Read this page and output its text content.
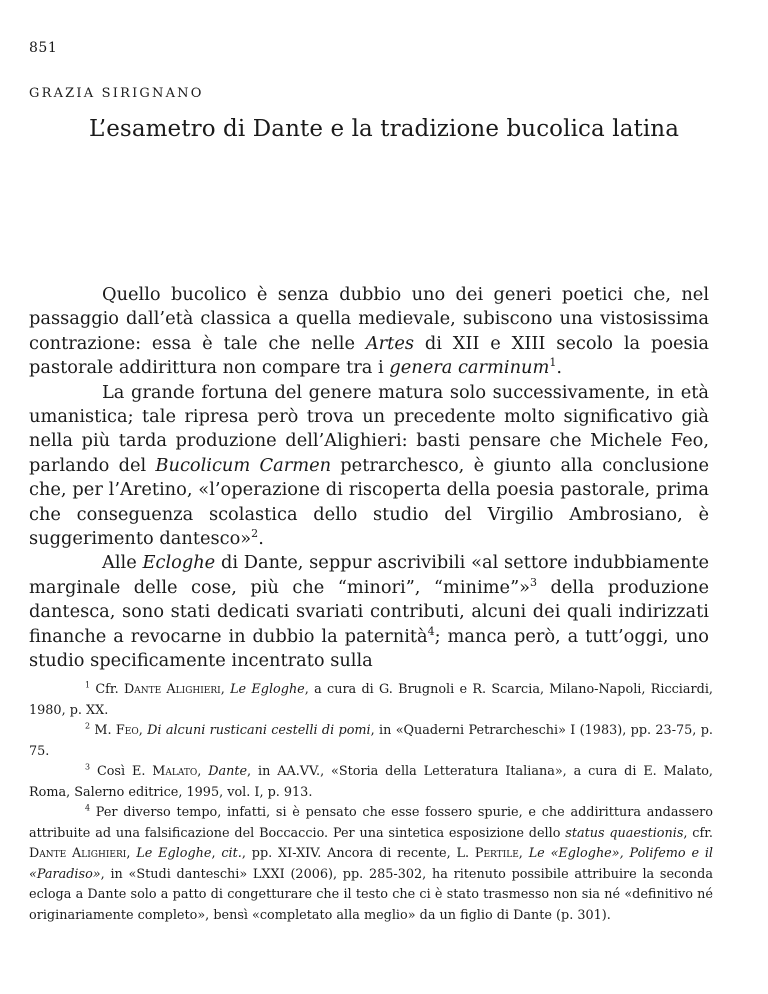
851
GRAZIA SIRIGNANO
L’esametro di Dante e la tradizione bucolica latina

Quello bucolico è senza dubbio uno dei generi poetici che, nel passaggio dall’età classica a quella medievale, subiscono una vistosissima contrazione: essa è tale che nelle Artes di XII e XIII secolo la poesia pastorale addirittura non compare tra i genera carminum$^1$.

La grande fortuna del genere matura solo successivamente, in età umanistica; tale ripresa però trova un precedente molto significativo già nella più tarda produzione dell’Alighieri: basti pensare che Michele Feo, parlando del Bucolicum Carmen petrarchesco, è giunto alla conclusione che, per l’Aretino, «l’operazione di riscoperta della poesia pastorale, prima che conseguenza scolastica dello studio del Virgilio Ambrosiano, è suggerimento dantesco»$^2$.

Alle Ecloghe di Dante, seppur ascrivibili «al settore indubbiamente marginale delle cose, più che “minori”, “minime”»$^3$ della produzione dantesca, sono stati dedicati svariati contributi, alcuni dei quali indirizzati finanche a revocarne in dubbio la paternità$^4$; manca però, a tutt’oggi, uno studio specificamente incentrato sulla

$^1$ Cfr. Dante Alighieri, Le Egloghe, a cura di G. Brugnoli e R. Scarcia, Milano-Napoli, Ricciardi, 1980, p. XX.

$^2$ M. Feo, Di alcuni rusticani cestelli di pomi, in «Quaderni Petrarcheschi» I (1983), pp. 23-75, p. 75.

$^3$ Così E. Malato, Dante, in AA.VV., «Storia della Letteratura Italiana», a cura di E. Malato, Roma, Salerno editrice, 1995, vol. I, p. 913.

$^4$ Per diverso tempo, infatti, si è pensato che esse fossero spurie, e che addirittura andassero attribuite ad una falsificazione del Boccaccio. Per una sintetica esposizione dello status quaestionis, cfr. Dante Alighieri, Le Egloghe, cit., pp. XI-XIV. Ancora di recente, L. Pertile, Le «Egloghe», Polifemo e il «Paradiso», in «Studi danteschi» LXXI (2006), pp. 285-302, ha ritenuto possibile attribuire la seconda ecloga a Dante solo a patto di congetturare che il testo che ci è stato trasmesso non sia né «definitivo né originariamente completo», bensì «completato alla meglio» da un figlio di Dante (p. 301).
